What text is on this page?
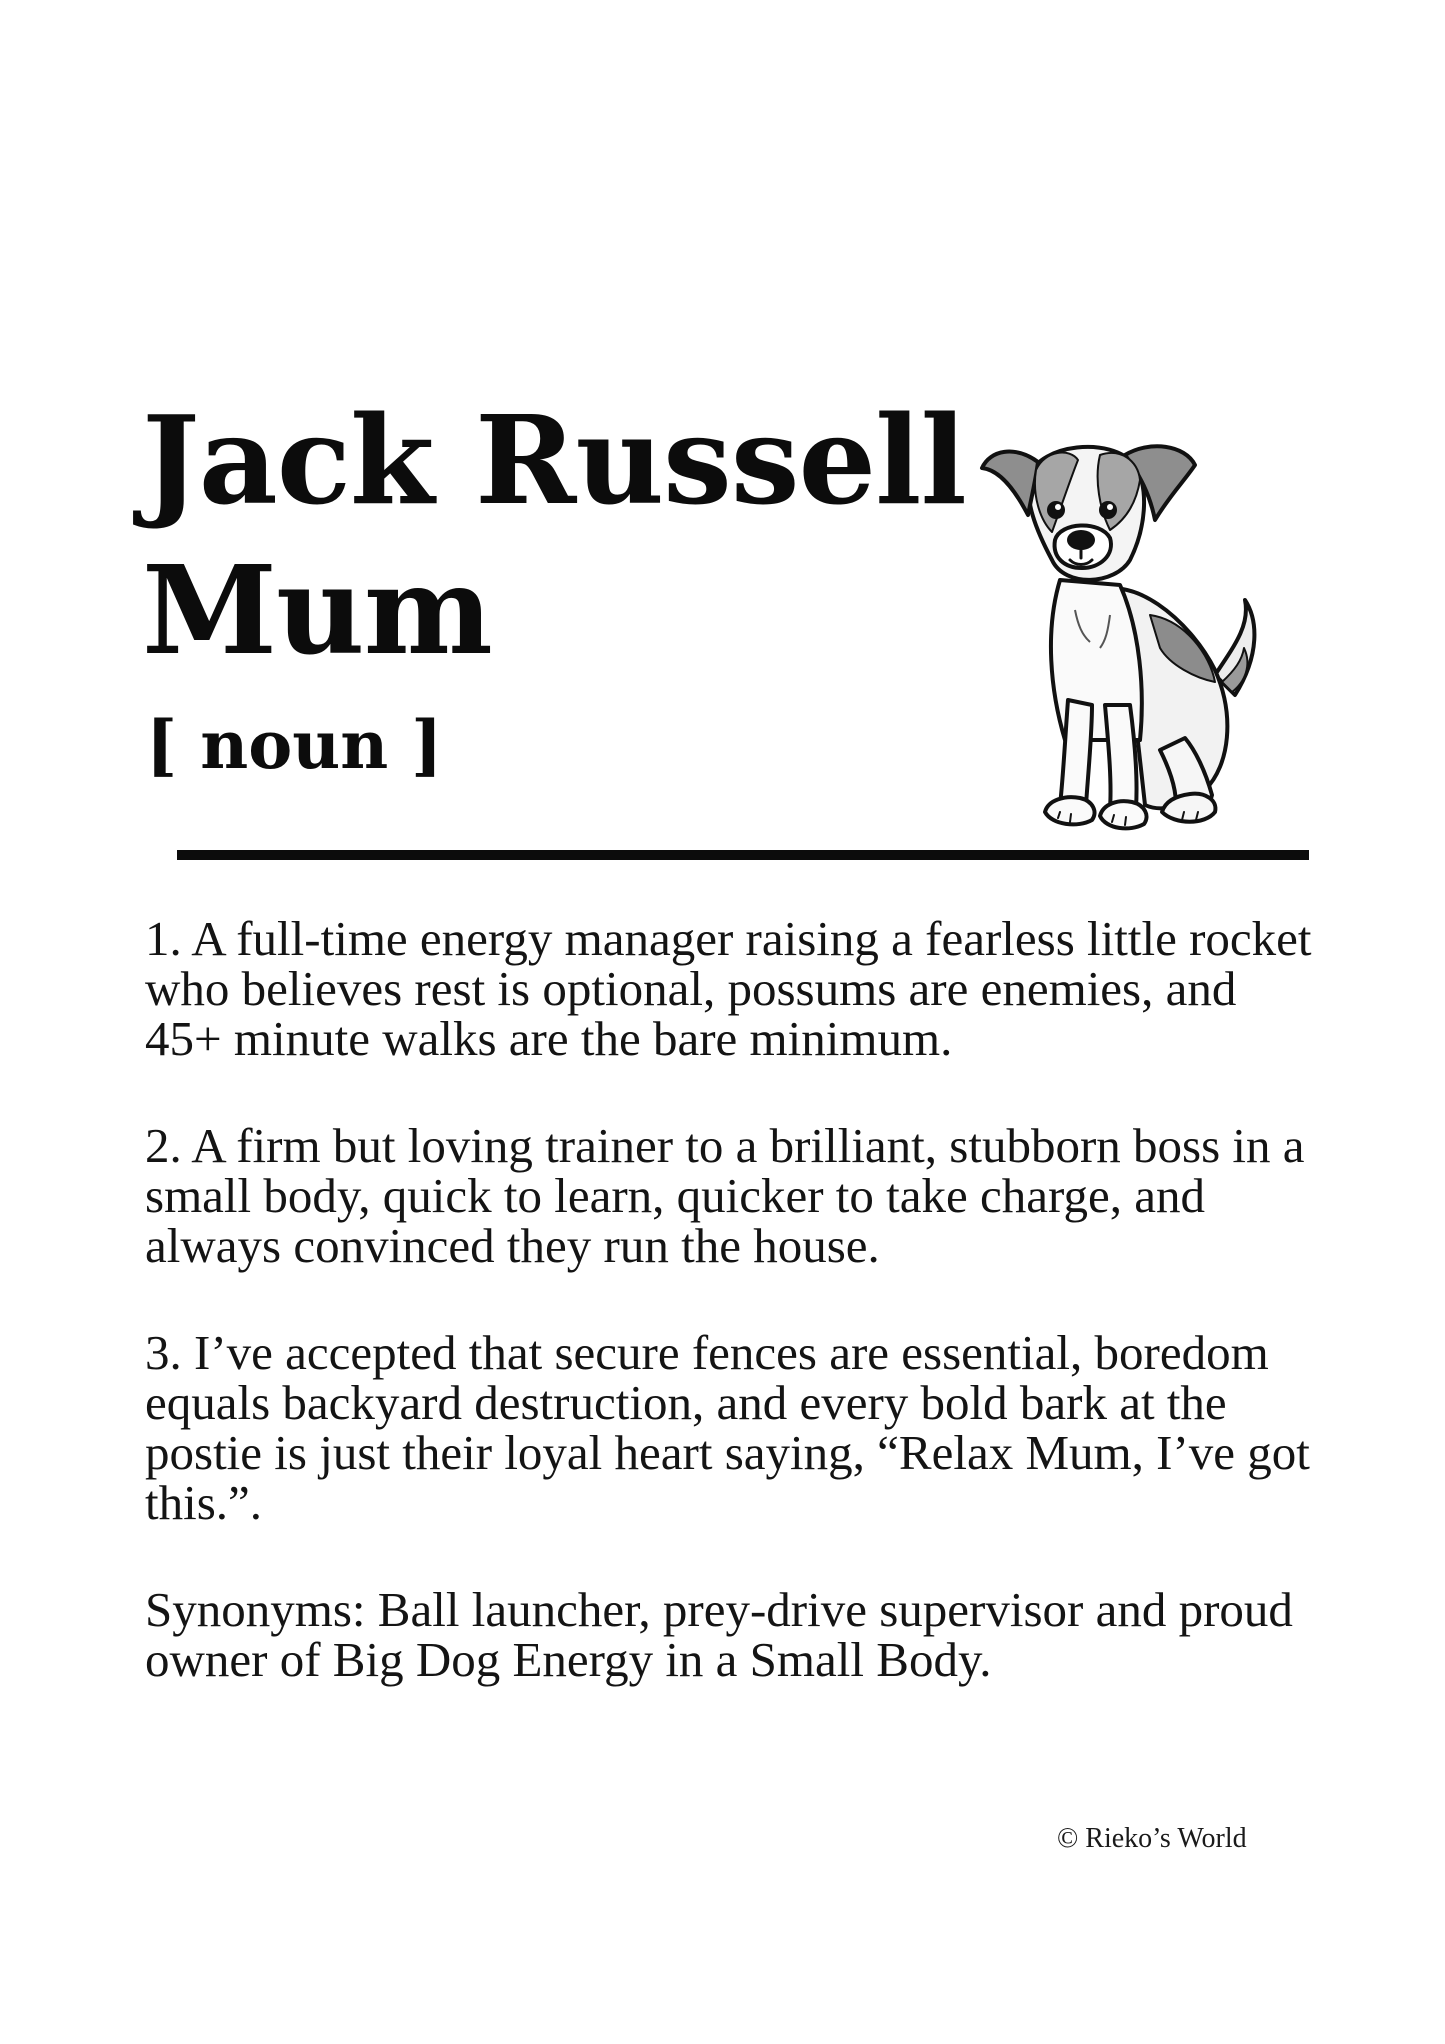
Jack Russell
Mum
[ noun ]

1. A full-time energy manager raising a fearless little rocket who believes rest is optional, possums are enemies, and 45+ minute walks are the bare minimum.

2. A firm but loving trainer to a brilliant, stubborn boss in a small body, quick to learn, quicker to take charge, and always convinced they run the house.

3. I’ve accepted that secure fences are essential, boredom equals backyard destruction, and every bold bark at the postie is just their loyal heart saying, “Relax Mum, I’ve got this.”.

Synonyms: Ball launcher, prey-drive supervisor and proud owner of Big Dog Energy in a Small Body.

© Rieko’s World
